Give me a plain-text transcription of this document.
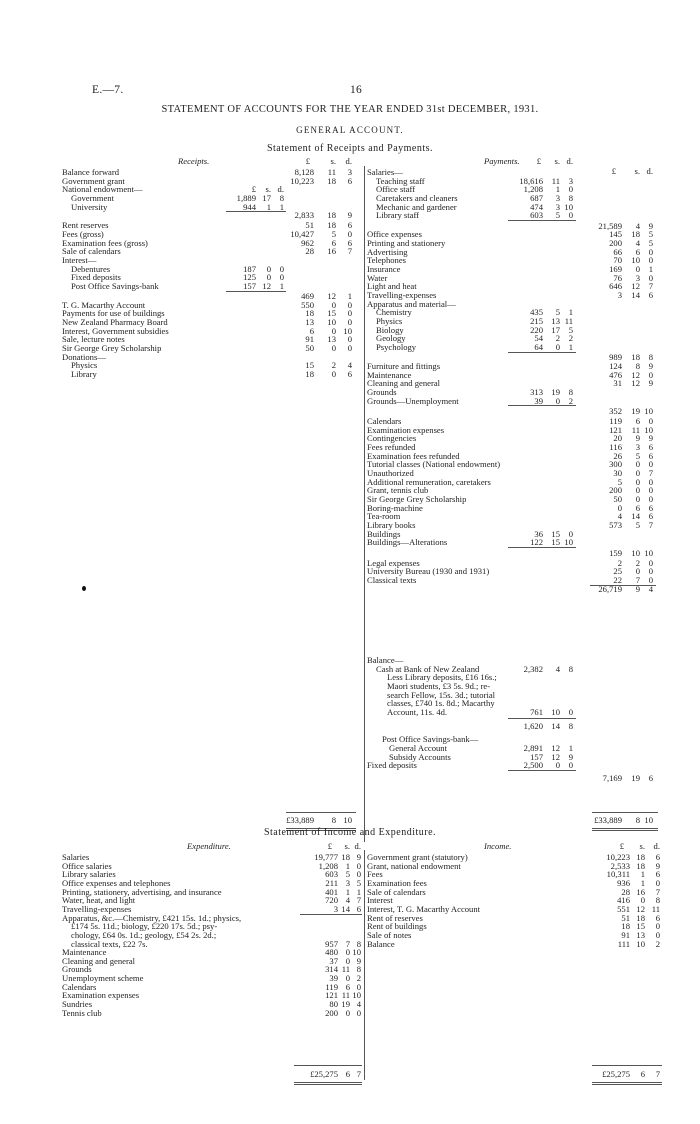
E.—7.	16
STATEMENT OF ACCOUNTS FOR THE YEAR ENDED 31st DECEMBER, 1931.
GENERAL ACCOUNT.
Statement of Receipts and Payments.
Receipts.	Payments.
£ s. d.
Balance forward	8,128 11 3
Government grant	10,223 18 6
National endowment—	£ s. d.
Government	1,889 17 8
University	944 1 1
2,833 18 9
Rent reserves	51 18 6
Fees (gross)	10,427 5 0
Examination fees (gross)	962 6 6
Sale of calendars	28 16 7
Interest—
Debentures	187 0 0
Fixed deposits	125 0 0
Post Office Savings-bank	157 12 1
469 12 1
T. G. Macarthy Account	550 0 0
Payments for use of buildings	18 15 0
New Zealand Pharmacy Board	13 10 0
Interest, Government subsidies	6 0 10
Sale, lecture notes	91 13 0
Sir George Grey Scholarship	50 0 0
Donations—
Physics	15 2 4
Library	18 0 6
£33,889 8 10
£ s. d.
£ s. d.
Salaries—
Teaching staff	18,616 11 3
Office staff	1,208 1 0
Caretakers and cleaners	687 3 8
Mechanic and gardener	474 3 10
Library staff	603 5 0
21,589 4 9
Office expenses	145 18 5
Printing and stationery	200 4 5
Advertising	66 6 0
Telephones	70 10 0
Insurance	169 0 1
Water	76 3 0
Light and heat	646 12 7
Travelling-expenses	3 14 6
Apparatus and material—
Chemistry	435 5 1
Physics	215 13 11
Biology	220 17 5
Geology	54 2 2
Psychology	64 0 1
989 18 8
Furniture and fittings	124 8 9
Maintenance	476 12 0
Cleaning and general	31 12 9
Grounds	313 19 8
Grounds—Unemployment	39 0 2
352 19 10
Calendars	119 6 0
Examination expenses	121 11 10
Contingencies	20 9 9
Fees refunded	116 3 6
Examination fees refunded	26 5 6
Tutorial classes (National endowment)	300 0 0
Unauthorized	30 0 7
Additional remuneration, caretakers	5 0 0
Grant, tennis club	200 0 0
Sir George Grey Scholarship	50 0 0
Boring-machine	0 6 6
Tea-room	4 14 6
Library books	573 5 7
Buildings	36 15 0
Buildings—Alterations	122 15 10
159 10 10
Legal expenses	2 2 0
University Bureau (1930 and 1931)	25 0 0
Classical texts	22 7 0
26,719 9 4
Balance—
Cash at Bank of New Zealand	2,382 4 8
Less Library deposits, £16 16s.;
Maori students, £3 5s. 9d.; re-
search Fellow, 15s. 3d.; tutorial
classes, £740 1s. 8d.; Macarthy
Account, 11s. 4d.	761 10 0
1,620 14 8
Post Office Savings-bank—
General Account	2,891 12 1
Subsidy Accounts	157 12 9
Fixed deposits	2,500 0 0
7,169 19 6
£33,889 8 10
Statement of Income and Expenditure.
Expenditure.	Income.
£ s. d.	£ s. d.
Salaries	19,777 18 9
Office salaries	1,208 1 0
Library salaries	603 5 0
Office expenses and telephones	211 3 5
Printing, stationery, advertising, and insurance	401 1 1
Water, heat, and light	720 4 7
Travelling-expenses	3 14 6
Apparatus, &c.—Chemistry, £421 15s. 1d.; physics,
£174 5s. 11d.; biology, £220 17s. 5d.; psy-
chology, £64 0s. 1d.; geology, £54 2s. 2d.;
classical texts, £22 7s.	957 7 8
Maintenance	480 0 10
Cleaning and general	37 0 9
Grounds	314 11 8
Unemployment scheme	39 0 2
Calendars	119 6 0
Examination expenses	121 11 10
Sundries	80 19 4
Tennis club	200 0 0
£25,275 6 7
Government grant (statutory)	10,223 18 6
Grant, national endowment	2,533 18 9
Fees	10,311 1 6
Examination fees	936 1 0
Sale of calendars	28 16 7
Interest	416 0 8
Interest, T. G. Macarthy Account	551 12 11
Rent of reserves	51 18 6
Rent of buildings	18 15 0
Sale of notes	91 13 0
Balance	111 10 2
£25,275 6 7
